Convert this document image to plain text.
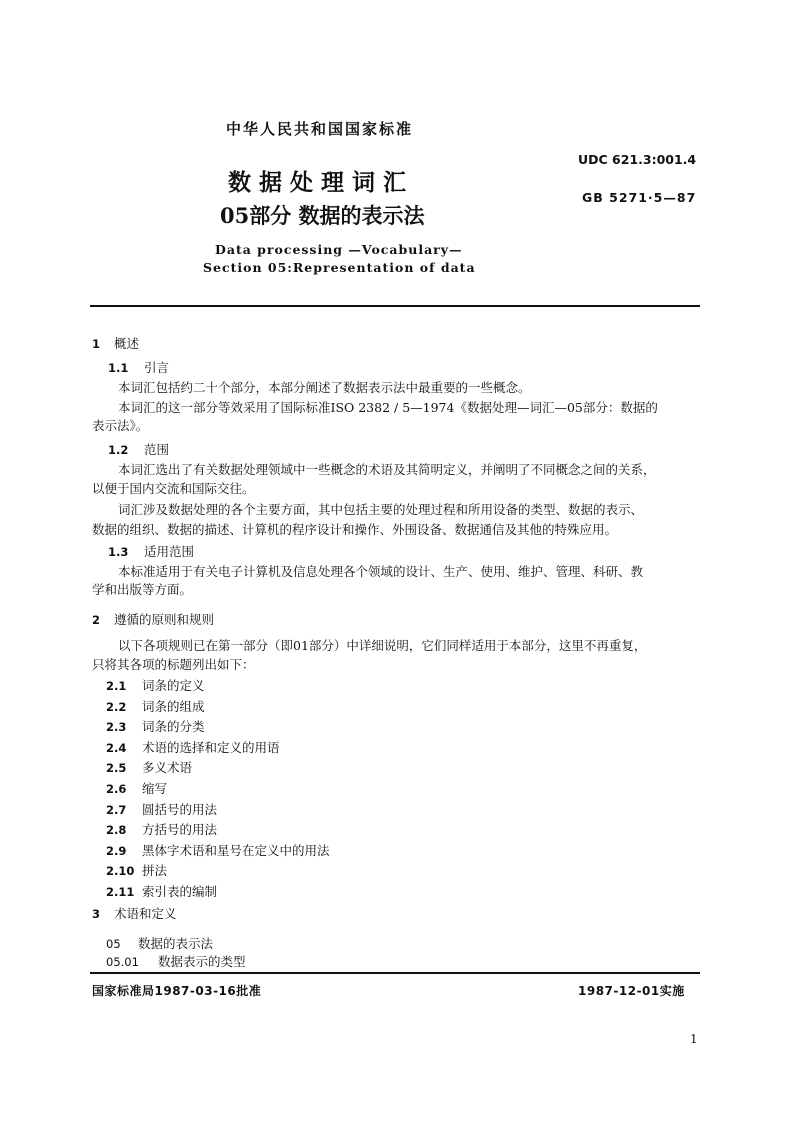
中华人民共和国国家标准
数 据 处 理 词 汇
05部分 数据的表示法
Data processing —Vocabulary—
Section 05:Representation of data
UDC 621.3:001.4
GB 5271·5—87
1 概述
1.1 引言
本词汇包括约二十个部分，本部分阐述了数据表示法中最重要的一些概念。
本词汇的这一部分等效采用了国际标准ISO 2382 / 5—1974《数据处理—词汇—05部分：数据的
表示法》。
1.2 范围
本词汇选出了有关数据处理领域中一些概念的术语及其简明定义，并阐明了不同概念之间的关系，
以便于国内交流和国际交往。
词汇涉及数据处理的各个主要方面，其中包括主要的处理过程和所用设备的类型、数据的表示、
数据的组织、数据的描述、计算机的程序设计和操作、外围设备、数据通信及其他的特殊应用。
1.3 适用范围
本标准适用于有关电子计算机及信息处理各个领域的设计、生产、使用、维护、管理、科研、教
学和出版等方面。
2 遵循的原则和规则
以下各项规则已在第一部分（即01部分）中详细说明，它们同样适用于本部分，这里不再重复，
只将其各项的标题列出如下：
2.1 词条的定义
2.2 词条的组成
2.3 词条的分类
2.4 术语的选择和定义的用语
2.5 多义术语
2.6 缩写
2.7 圆括号的用法
2.8 方括号的用法
2.9 黑体字术语和星号在定义中的用法
2.10 拼法
2.11 索引表的编制
3 术语和定义
05 数据的表示法
05.01 数据表示的类型
国家标准局1987-03-16批准	1987-12-01实施
1
